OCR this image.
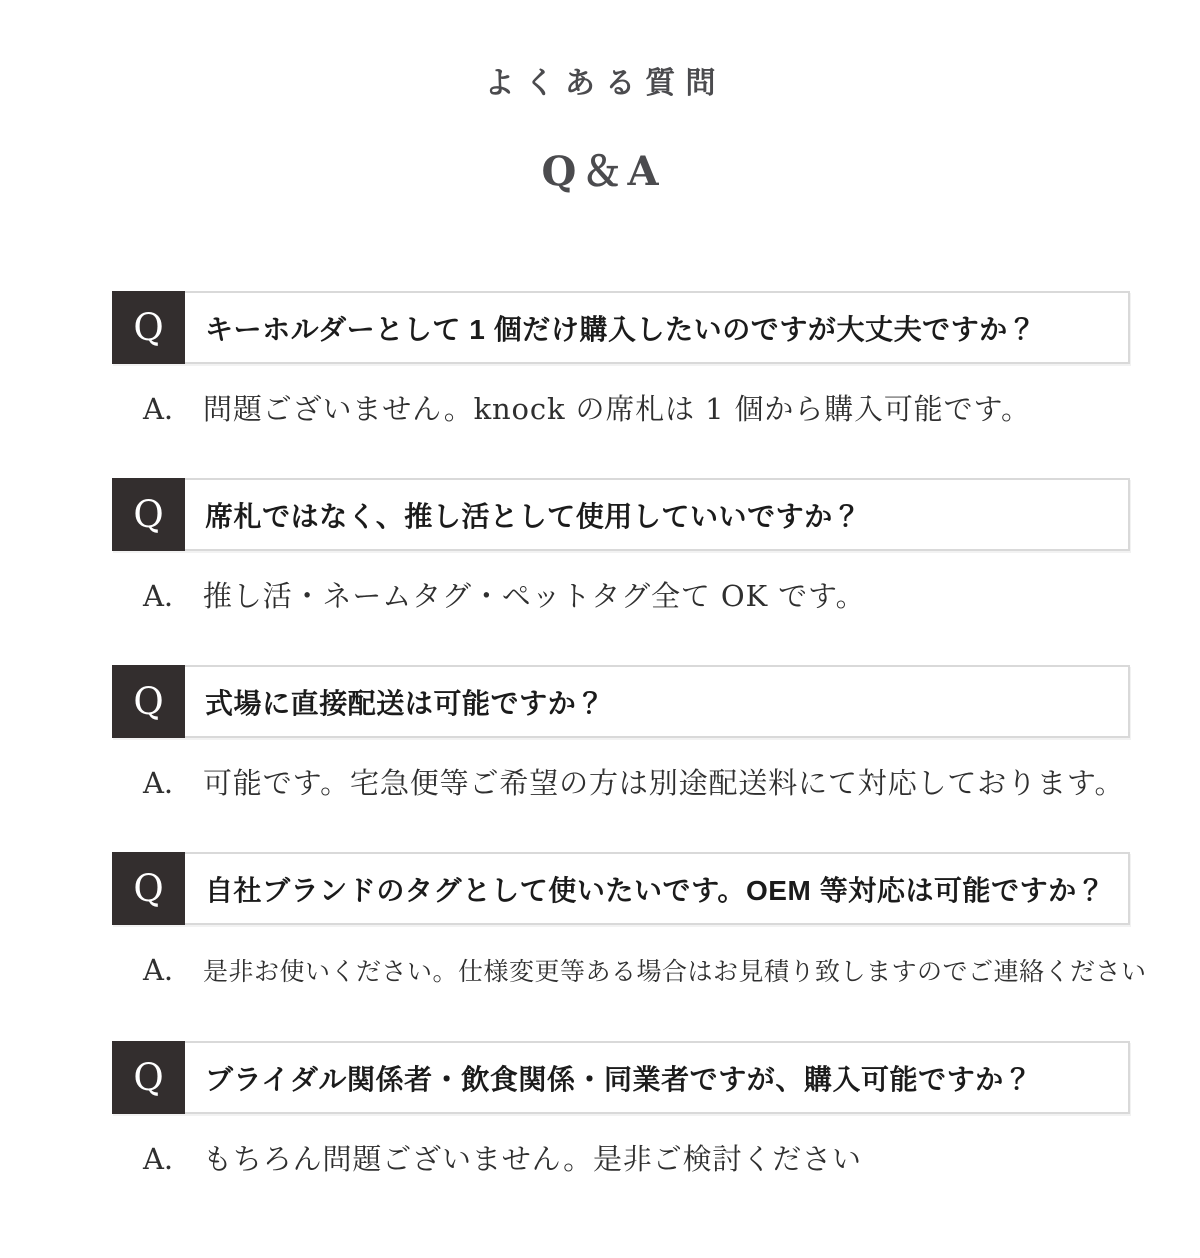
よくある質問
Q＆A
Q キーホルダーとして 1 個だけ購入したいのですが大丈夫ですか？
A． 問題ございません。knock の席札は 1 個から購入可能です。
Q 席札ではなく、推し活として使用していいですか？
A． 推し活・ネームタグ・ペットタグ全て OK です。
Q 式場に直接配送は可能ですか？
A． 可能です。宅急便等ご希望の方は別途配送料にて対応しております。
Q 自社ブランドのタグとして使いたいです。OEM 等対応は可能ですか？
A． 是非お使いください。仕様変更等ある場合はお見積り致しますのでご連絡ください
Q ブライダル関係者・飲食関係・同業者ですが、購入可能ですか？
A． もちろん問題ございません。是非ご検討ください
